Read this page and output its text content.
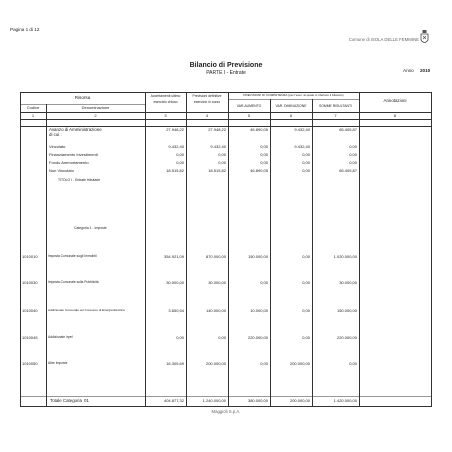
Pagina 1 di 12
Comune di ISOLA DELLE FEMMINE
Bilancio di Previsione
PARTE I - Entrate	Anno 2010
Risorsa
Codice	Denominazione
Accertamenti ultimo
esercizio chiuso
Previsioni definitive
esercizio in corso
PREVISIONI DI COMPETENZA (per l'eser. al quale si riferisce il bilancio)
VAR.AUMENTO	VAR. DIMINUZIONE	SOMME RISULTANTI
Annotazioni
1	2	3	4	5	6	7	8
Avanzo di Amministrazione
di cui :
27.948,22	27.948,22	46.890,05	9.432,40	65.405,87
Vincolato	9.432,40	9.432,40	0,00	9.432,40	0,00
Finanziamento Investimenti	0,00	0,00	0,00	0,00	0,00
Fondo Ammortamento	0,00	0,00	0,00	0,00	0,00
Non Vincolato	18.515,82	18.515,82	46.890,05	0,00	65.405,87
TITOLO I - Entrate tributarie
Categoria 1 - Imposte
1010010	Imposta Comunale sugli Immobili	354.921,09	870.000,00	150.000,00	0,00	1.020.000,00
1010030	Imposta Comunale sulla Pubblicità	30.000,00	30.000,00	0,00	0,00	30.000,00
1010040	Addizionale Comunale sul Consumo di Energia Elettrica	3.650,54	140.000,00	10.000,00	0,00	150.000,00
1010045	Addizionale Irpef	0,00	0,00	220.000,00	0,00	220.000,00
1010050	Altre Imposte	16.305,69	200.000,00	0,00	200.000,00	0,00
Totale Categoria 01	404.877,32	1.240.000,00	380.000,00	200.000,00	1.420.000,00
Maggioli S.p.A.
